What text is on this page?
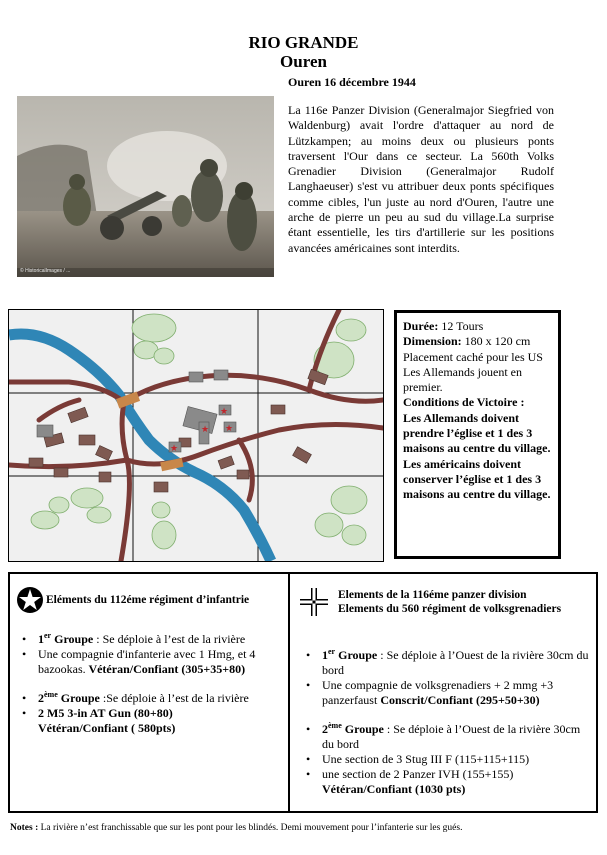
RIO GRANDE
Ouren
Ouren 16 décembre 1944
© HistoricalImages / ...
La 116e Panzer Division (Generalmajor Siegfried von Waldenburg) avait l'ordre d'attaquer au nord de Lützkampen; au moins deux ou plusieurs ponts traversent l'Our dans ce secteur. La 560th Volks Grenadier Division (Generalmajor Rudolf Langhaeuser) s'est vu attribuer deux ponts spécifiques comme cibles, l'un juste au nord d'Ouren, l'autre une arche de pierre un peu au sud du village.La surprise étant essentielle, les tirs d'artillerie sur les positions avancées américaines sont interdits.
★
★
★
★
Durée: 12 Tours
Dimension: 180 x 120 cm
Placement caché pour les US
Les Allemands jouent en premier.
Conditions de Victoire :
Les Allemands doivent prendre l’église et 1 des 3 maisons au centre du village.
Les américains doivent conserver l’église et 1 des 3 maisons au centre du village.
Eléments du 112éme régiment d’infantrie
• 1er Groupe : Se déploie à l’est de la rivière
• Une compagnie d'infanterie avec 1 Hmg, et 4 bazookas. Vétéran/Confiant (305+35+80)
• 2ème Groupe :Se déploie à l’est de la rivière
• 2 M5 3-in AT Gun (80+80)
Vétéran/Confiant ( 580pts)
Elements de la 116éme panzer division
Elements du 560 régiment de volksgrenadiers
• 1er Groupe : Se déploie à l’Ouest de la rivière 30cm du bord
• Une compagnie de volksgrenadiers + 2 mmg +3 panzerfaust Conscrit/Confiant (295+50+30)
• 2ème Groupe : Se déploie à l’Ouest de la rivière 30cm du bord
• Une section de 3 Stug III F (115+115+115)
• une section de 2 Panzer IVH (155+155)
Vétéran/Confiant (1030 pts)
Notes : La rivière n’est franchissable que sur les pont pour les blindés. Demi mouvement pour l’infanterie sur les gués.
